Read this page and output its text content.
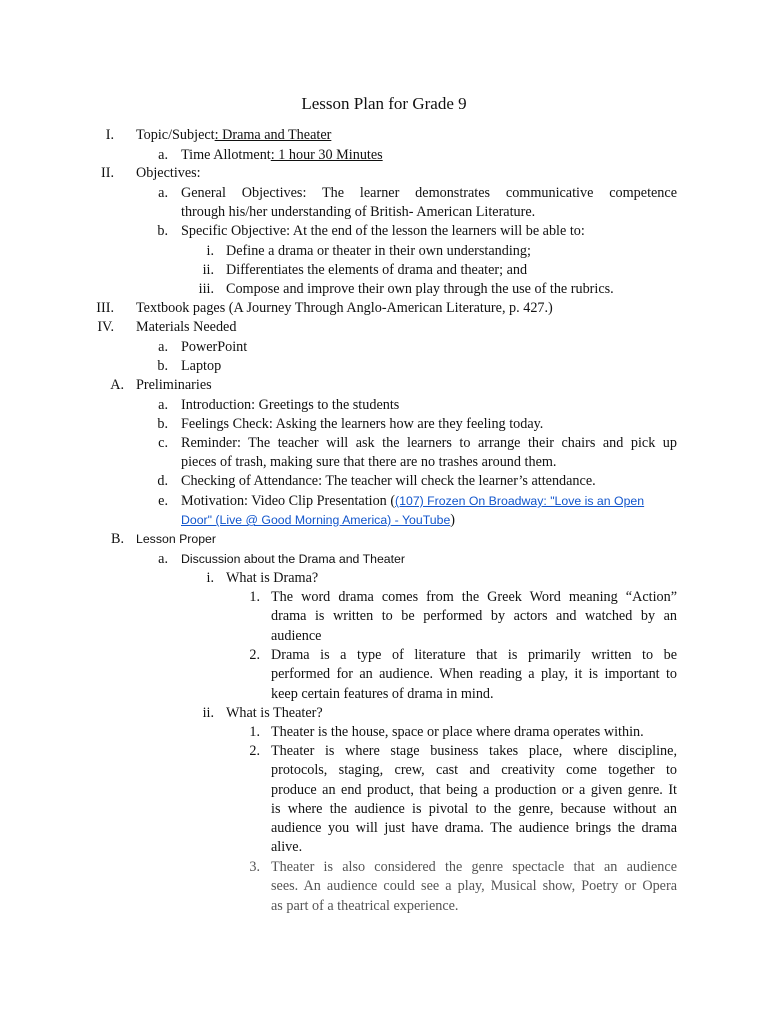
Lesson Plan for Grade 9
I. Topic/Subject: Drama and Theater
a. Time Allotment: 1 hour 30 Minutes
II. Objectives:
a. General Objectives: The learner demonstrates communicative competence
through his/her understanding of British- American Literature.
b. Specific Objective: At the end of the lesson the learners will be able to:
i. Define a drama or theater in their own understanding;
ii. Differentiates the elements of drama and theater; and
iii. Compose and improve their own play through the use of the rubrics.
III. Textbook pages (A Journey Through Anglo-American Literature, p. 427.)
IV. Materials Needed
a. PowerPoint
b. Laptop
A. Preliminaries
a. Introduction: Greetings to the students
b. Feelings Check: Asking the learners how are they feeling today.
c. Reminder: The teacher will ask the learners to arrange their chairs and pick up
pieces of trash, making sure that there are no trashes around them.
d. Checking of Attendance: The teacher will check the learner’s attendance.
e. Motivation: Video Clip Presentation ((107) Frozen On Broadway: "Love is an Open
Door" (Live @ Good Morning America) - YouTube)
B. Lesson Proper
a. Discussion about the Drama and Theater
i. What is Drama?
1. The word drama comes from the Greek Word meaning “Action”
drama is written to be performed by actors and watched by an
audience
2. Drama is a type of literature that is primarily written to be
performed for an audience. When reading a play, it is important to
keep certain features of drama in mind.
ii. What is Theater?
1. Theater is the house, space or place where drama operates within.
2. Theater is where stage business takes place, where discipline,
protocols, staging, crew, cast and creativity come together to
produce an end product, that being a production or a given genre. It
is where the audience is pivotal to the genre, because without an
audience you will just have drama. The audience brings the drama
alive.
3. Theater is also considered the genre spectacle that an audience
sees. An audience could see a play, Musical show, Poetry or Opera
as part of a theatrical experience.
